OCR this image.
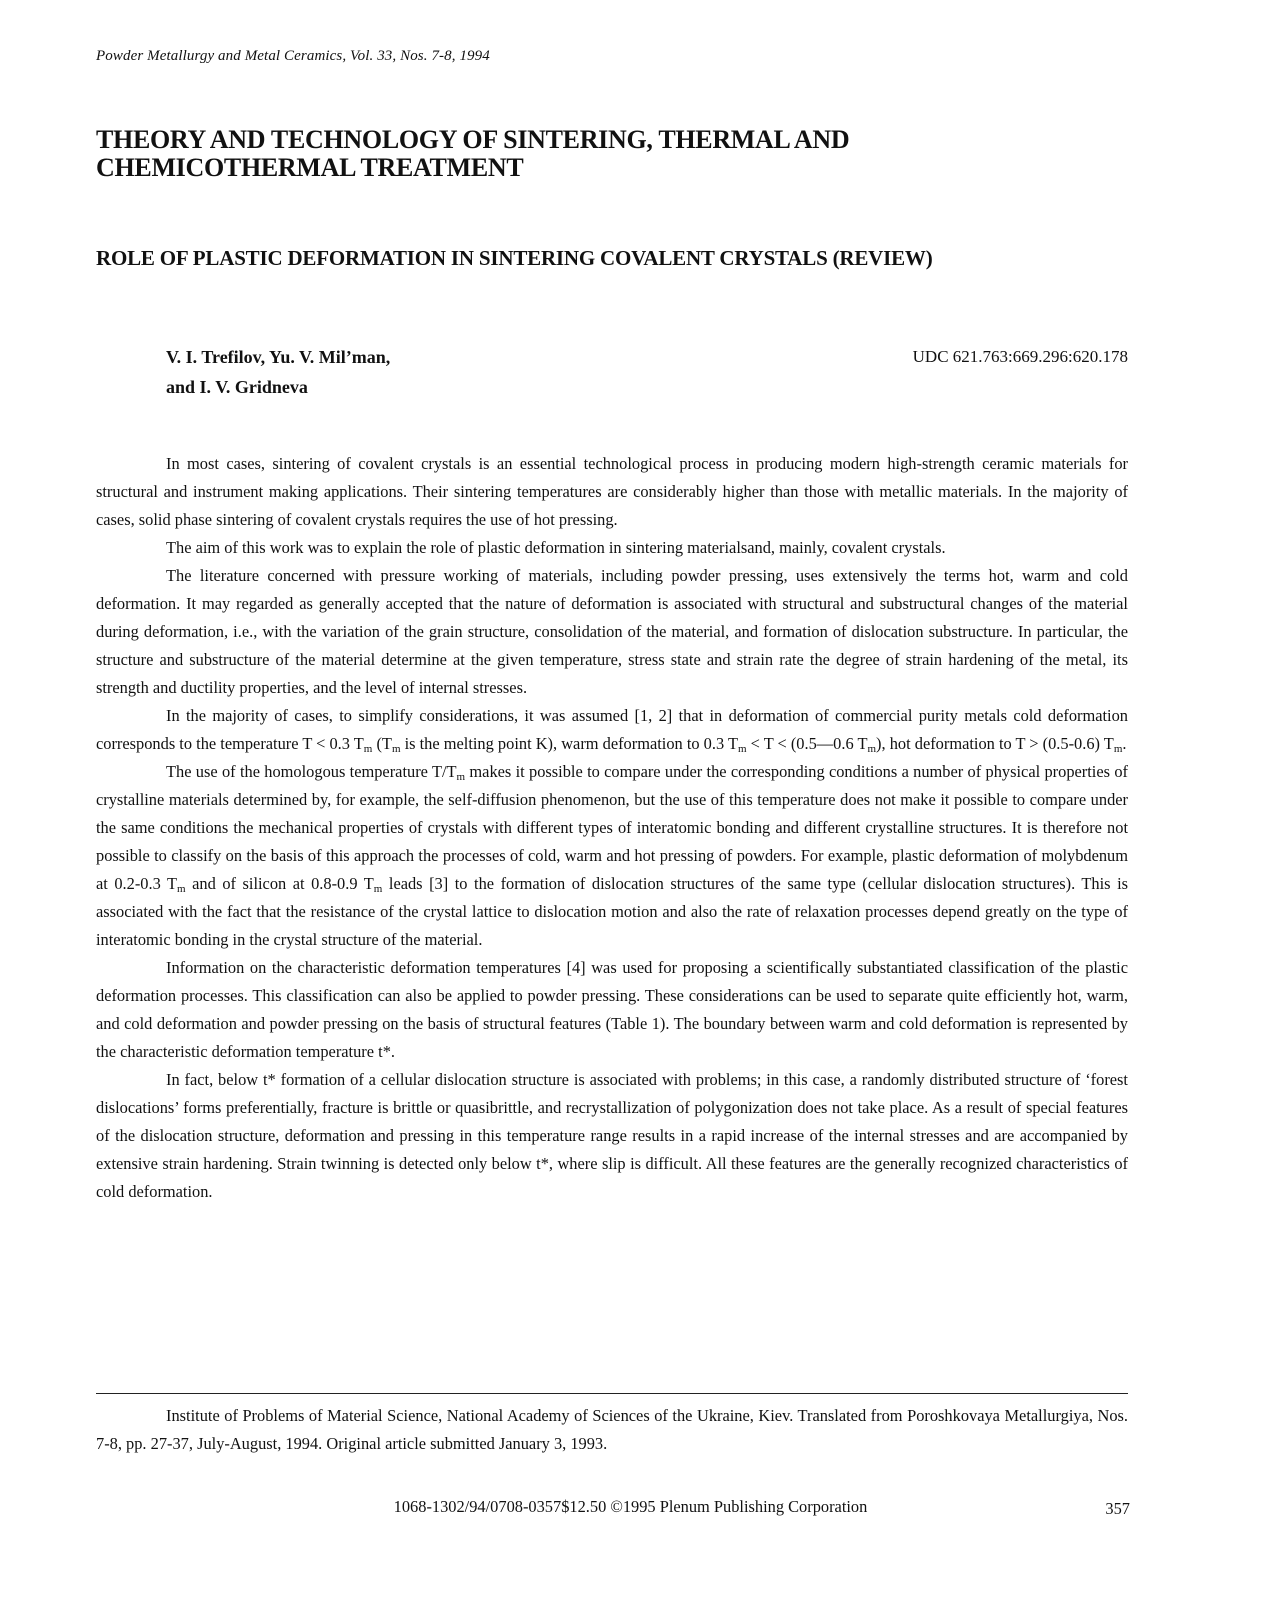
Powder Metallurgy and Metal Ceramics, Vol. 33, Nos. 7-8, 1994
THEORY AND TECHNOLOGY OF SINTERING, THERMAL AND CHEMICOTHERMAL TREATMENT
ROLE OF PLASTIC DEFORMATION IN SINTERING COVALENT CRYSTALS (REVIEW)
V. I. Trefilov, Yu. V. Mil’man,
and I. V. Gridneva
UDC 621.763:669.296:620.178

In most cases, sintering of covalent crystals is an essential technological process in producing modern high-strength ceramic materials for structural and instrument making applications. Their sintering temperatures are considerably higher than those with metallic materials. In the majority of cases, solid phase sintering of covalent crystals requires the use of hot pressing.

The aim of this work was to explain the role of plastic deformation in sintering materialsand, mainly, covalent crystals.

The literature concerned with pressure working of materials, including powder pressing, uses extensively the terms hot, warm and cold deformation. It may regarded as generally accepted that the nature of deformation is associated with structural and substructural changes of the material during deformation, i.e., with the variation of the grain structure, consolidation of the material, and formation of dislocation substructure. In particular, the structure and substructure of the material determine at the given temperature, stress state and strain rate the degree of strain hardening of the metal, its strength and ductility properties, and the level of internal stresses.

In the majority of cases, to simplify considerations, it was assumed [1, 2] that in deformation of commercial purity metals cold deformation corresponds to the temperature T < 0.3 $T_m$ ($T_m$ is the melting point K), warm deformation to 0.3 $T_m < T$ < (0.5—0.6 $T_m$), hot deformation to T > (0.5-0.6) $T_m$.

The use of the homologous temperature $T/T_m$ makes it possible to compare under the corresponding conditions a number of physical properties of crystalline materials determined by, for example, the self-diffusion phenomenon, but the use of this temperature does not make it possible to compare under the same conditions the mechanical properties of crystals with different types of interatomic bonding and different crystalline structures. It is therefore not possible to classify on the basis of this approach the processes of cold, warm and hot pressing of powders. For example, plastic deformation of molybdenum at 0.2-0.3 $T_m$ and of silicon at 0.8-0.9 $T_m$ leads [3] to the formation of dislocation structures of the same type (cellular dislocation structures). This is associated with the fact that the resistance of the crystal lattice to dislocation motion and also the rate of relaxation processes depend greatly on the type of interatomic bonding in the crystal structure of the material.

Information on the characteristic deformation temperatures [4] was used for proposing a scientifically substantiated classification of the plastic deformation processes. This classification can also be applied to powder pressing. These considerations can be used to separate quite efficiently hot, warm, and cold deformation and powder pressing on the basis of structural features (Table 1). The boundary between warm and cold deformation is represented by the characteristic deformation temperature t*.

In fact, below t* formation of a cellular dislocation structure is associated with problems; in this case, a randomly distributed structure of ‘forest dislocations’ forms preferentially, fracture is brittle or quasibrittle, and recrystallization of polygonization does not take place. As a result of special features of the dislocation structure, deformation and pressing in this temperature range results in a rapid increase of the internal stresses and are accompanied by extensive strain hardening. Strain twinning is detected only below t*, where slip is difficult. All these features are the generally recognized characteristics of cold deformation.

Institute of Problems of Material Science, National Academy of Sciences of the Ukraine, Kiev. Translated from Poroshkovaya Metallurgiya, Nos. 7-8, pp. 27-37, July-August, 1994. Original article submitted January 3, 1993.

1068-1302/94/0708-0357$12.50 ©1995 Plenum Publishing Corporation	357
